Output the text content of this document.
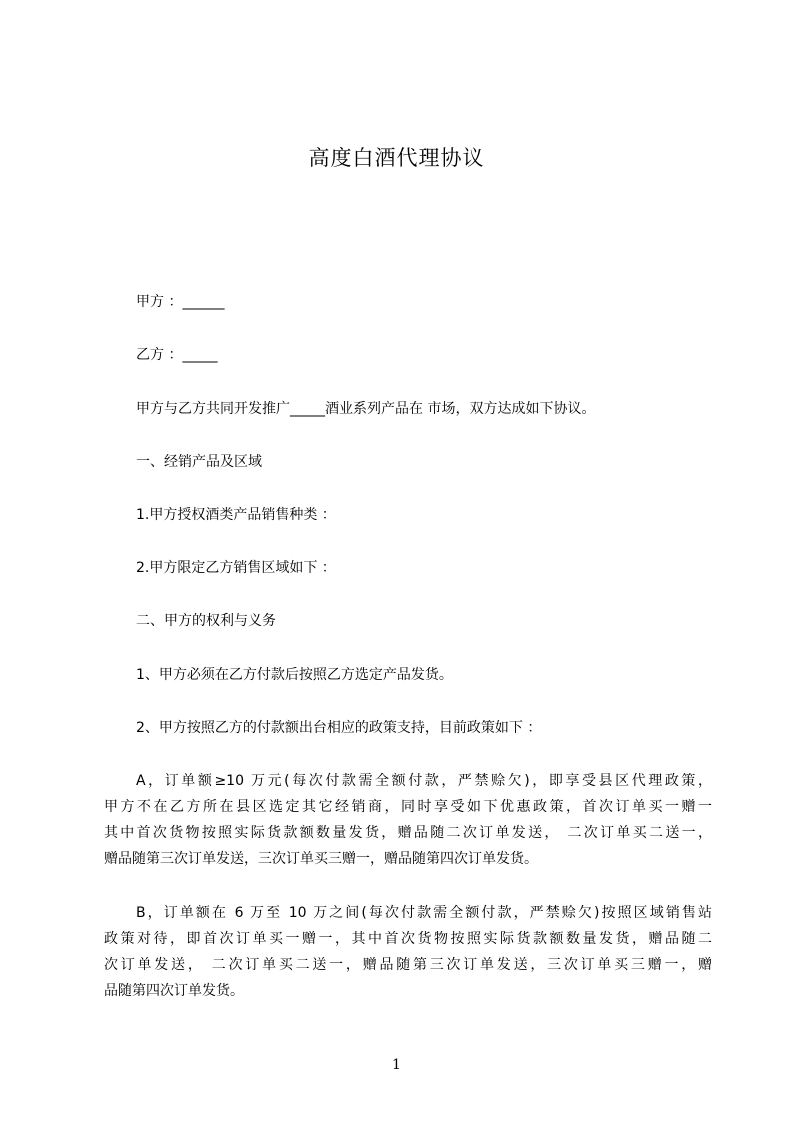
高度白酒代理协议
甲方 ：______
乙方 ：_____
甲方与乙方共同开发推广_____酒业系列产品在 市场，双方达成如下协议。
一、经销产品及区域
1.甲方授权酒类产品销售种类 ：
2.甲方限定乙方销售区域如下 ：
二、甲方的权利与义务
1、甲方必须在乙方付款后按照乙方选定产品发货。
2、甲方按照乙方的付款额出台相应的政策支持，目前政策如下 ：
A，订单额≥10 万元(每次付款需全额付款，严禁赊欠)，即享受县区代理政策，
甲方不在乙方所在县区选定其它经销商，同时享受如下优惠政策，首次订单买一赠一
其中首次货物按照实际货款额数量发货，赠品随二次订单发送， 二次订单买二送一，
赠品随第三次订单发送，三次订单买三赠一，赠品随第四次订单发货。
B，订单额在 6 万至 10 万之间(每次付款需全额付款，严禁赊欠)按照区域销售站
政策对待，即首次订单买一赠一，其中首次货物按照实际货款额数量发货，赠品随二
次订单发送， 二次订单买二送一，赠品随第三次订单发送，三次订单买三赠一，赠
品随第四次订单发货。
1
